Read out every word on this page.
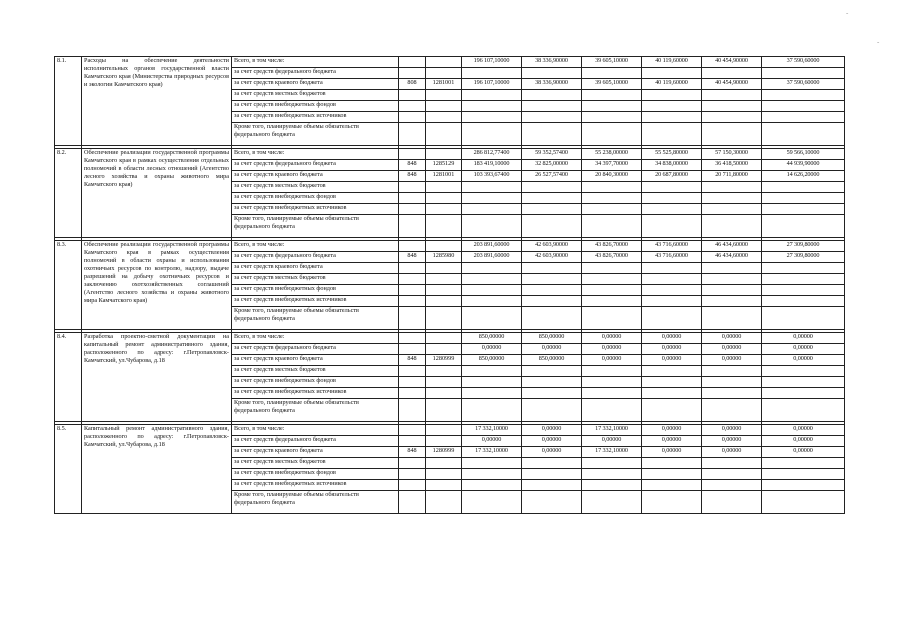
-
-
8.1.	Расходы на обеспечение деятельности исполнительных органов государственной власти Камчатского края (Министерства природных ресурсов и экологии Камчатского края)	Всего, в том числе:			196 107,10000	38 336,90000	39 605,10000	40 119,60000	40 454,90000	37 590,60000
		за счет средств федерального бюджета								
		за счет средств краевого бюджета	808	1281001	196 107,10000	38 336,90000	39 605,10000	40 119,60000	40 454,90000	37 590,60000
		за счет средств местных бюджетов								
		за счет средств внебюджетных фондов								
		за счет средств внебюджетных источников								
		Кроме того, планируемые объемы обязательств федерального бюджета								

8.2.	Обеспечение реализации государственной программы Камчатского края в рамках осуществления отдельных полномочий в области лесных отношений (Агентство лесного хозяйства и охраны животного мира Камчатского края)	Всего, в том числе:			286 812,77400	59 352,57400	55 238,00000	55 525,80000	57 150,30000	59 566,10000
		за счет средств федерального бюджета	848	1285129	183 419,10000	32 825,00000	34 397,70000	34 838,00000	36 418,50000	44 939,90000
		за счет средств краевого бюджета	848	1281001	103 393,67400	26 527,57400	20 840,30000	20 687,80000	20 711,80000	14 626,20000
		за счет средств местных бюджетов								
		за счет средств внебюджетных фондов								
		за счет средств внебюджетных источников								
		Кроме того, планируемые объемы обязательств федерального бюджета								

8.3.	Обеспечение реализации государственной программы Камчатского края в рамках осуществления полномочий в области охраны и использования охотничьих ресурсов по контролю, надзору, выдаче разрешений на добычу охотничьих ресурсов и заключению охотхозяйственных соглашений (Агентство лесного хозяйства и охраны животного мира Камчатского края)	Всего, в том числе:			203 891,60000	42 603,90000	43 826,70000	43 716,60000	46 434,60000	27 309,80000
		за счет средств федерального бюджета	848	1285980	203 891,60000	42 603,90000	43 826,70000	43 716,60000	46 434,60000	27 309,80000
		за счет средств краевого бюджета								
		за счет средств местных бюджетов								
		за счет средств внебюджетных фондов								
		за счет средств внебюджетных источников								
		Кроме того, планируемые объемы обязательств федерального бюджета								

8.4.	Разработка проектно-сметной документации на капитальный ремонт административного здания, расположенного по адресу: г.Петропавловск-Камчатский, ул.Чубарова, д.18	Всего, в том числе:			850,00000	850,00000	0,00000	0,00000	0,00000	0,00000
		за счет средств федерального бюджета			0,00000	0,00000	0,00000	0,00000	0,00000	0,00000
		за счет средств краевого бюджета	848	1280999	850,00000	850,00000	0,00000	0,00000	0,00000	0,00000
		за счет средств местных бюджетов								
		за счет средств внебюджетных фондов								
		за счет средств внебюджетных источников								
		Кроме того, планируемые объемы обязательств федерального бюджета								

8.5.	Капитальный ремонт административного здания, расположенного по адресу: г.Петропавловск-Камчатский, ул.Чубарова, д.18	Всего, в том числе:			17 332,10000	0,00000	17 332,10000	0,00000	0,00000	0,00000
		за счет средств федерального бюджета			0,00000	0,00000	0,00000	0,00000	0,00000	0,00000
		за счет средств краевого бюджета	848	1280999	17 332,10000	0,00000	17 332,10000	0,00000	0,00000	0,00000
		за счет средств местных бюджетов								
		за счет средств внебюджетных фондов								
		за счет средств внебюджетных источников								
		Кроме того, планируемые объемы обязательств федерального бюджета								
